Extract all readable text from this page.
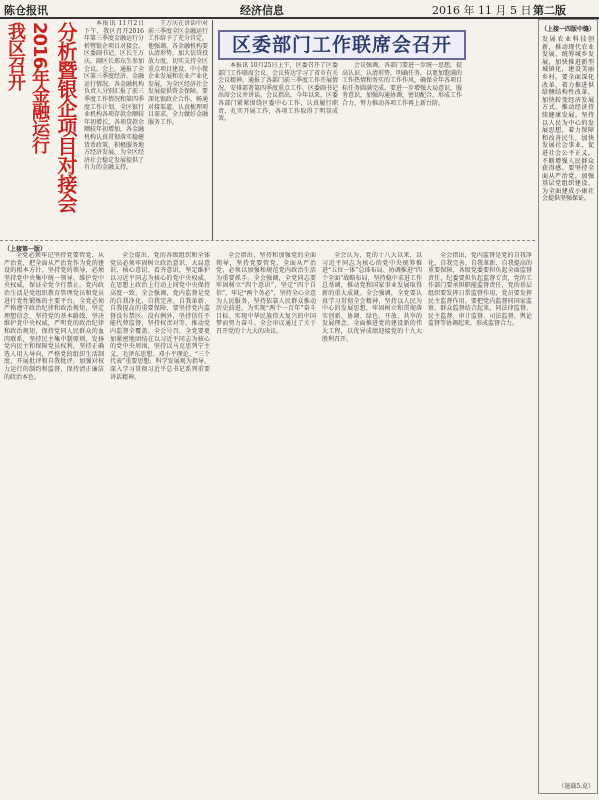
陈仓报讯	经济信息	2016 年 11 月 5 日 第二版
我区召开 2016年金融运行 分析暨银企项目对接会	本报讯 11月2日下午，我区召开2016年第三季度金融运行分析暨银企项目对接会。区委副书记、区长王万庆，副区长邢东生参加会议。会上，通报了全区第三季度经济、金融运行情况，各金融机构负责人分别汇报了前三季度工作情况和第四季度工作计划，全区银行业机构各项存款余额较年初增长，各项贷款余额较年初增加，各金融机构认真贯彻落实稳健货币政策，积极服务地方经济发展，为全区经济社会稳定发展提供了有力的金融支持。

王万庆在讲话中对前三季度全区金融运行工作给予了充分肯定，他强调，各金融机构要认清形势，加大信贷投放力度，切实支持全区重点项目建设、中小微企业发展和农业产业化发展，为全区经济社会发展提供资金保障。要深化银政企合作，畅通对接渠道，认真梳理项目需求，全力做好金融服务工作。

区委部门工作联席会召开

本报讯 10月25日上午，区委召开了区委部门工作联席会议，会议传达学习了省市有关会议精神，通报了各部门前三季度工作开展情况，安排部署第四季度重点工作，区委副书记出席会议并讲话。会议指出，今年以来，区委各部门紧紧围绕区委中心工作，认真履行职责，扎实开展工作，各项工作取得了明显成效。

会议强调，各部门要进一步统一思想，提高认识，认清形势，明确任务，以更加饱满的工作热情和务实的工作作风，确保全年各项目标任务圆满完成。要进一步增强大局意识，服务意识，加强沟通协调，密切配合，形成工作合力，努力推动各项工作再上新台阶。

（上接第一版）

全党必须牢记坚持党要管党、从严治党，把全面从严治党作为党的建设的根本方针。坚持党的领导，必须坚持党中央集中统一领导，维护党中央权威，保证全党令行禁止。党内政治生活是党组织教育管理党员和党员进行党性锻炼的主要平台，全党必须严格遵守政治纪律和政治规矩，坚定理想信念，坚持党的基本路线，坚决维护党中央权威，严明党的政治纪律和政治规矩，保持党同人民群众的血肉联系，坚持民主集中制原则，发扬党内民主和保障党员权利，坚持正确选人用人导向，严格党的组织生活制度，开展批评和自我批评，加强对权力运行的制约和监督，保持清正廉洁的政治本色。

全会提出，党的各级组织和全体党员必须牢固树立政治意识、大局意识、核心意识、看齐意识，坚定维护以习近平同志为核心的党中央权威，在思想上政治上行动上同党中央保持高度一致。全会强调，党内监督是党的自我净化、自我完善、自我革新、自我提高的重要保障，要坚持党内监督没有禁区、没有例外，坚持信任不能代替监督，坚持权责对等，推动党内监督全覆盖。全会号召，全党要更加紧密地团结在以习近平同志为核心的党中央周围，坚持以马克思列宁主义、毛泽东思想、邓小平理论、“三个代表”重要思想、科学发展观为指导，深入学习贯彻习近平总书记系列重要讲话精神。

全会指出，坚持和加强党的全面领导，坚持党要管党、全面从严治党，必须以加强和规范党内政治生活为重要抓手。全会强调，全党同志要牢固树立“四个意识”，坚定“四个自信”，牢记“两个务必”，坚持全心全意为人民服务，坚持依靠人民群众推动历史前进，为实现“两个一百年”奋斗目标、实现中华民族伟大复兴的中国梦而努力奋斗。全会审议通过了关于召开党的十九大的决议。

全会认为，党的十八大以来，以习近平同志为核心的党中央统筹推进“五位一体”总体布局、协调推进“四个全面”战略布局，坚持稳中求进工作总基调，推动党和国家事业发展取得新的重大成就。全会强调，全党要认真学习贯彻全会精神，坚持以人民为中心的发展思想，牢固树立和贯彻落实创新、协调、绿色、开放、共享的发展理念，全面推进党的建设新的伟大工程，以优异成绩迎接党的十九大胜利召开。

全会指出，党内监督是党的自我净化、自我完善、自我革新、自我提高的重要保障，各级党委要担负起全面监督责任，纪委要担负起监督专责，党的工作部门要承担职能监督责任，党的基层组织要发挥日常监督作用，党员要发挥民主监督作用。要把党内监督同国家监察、群众监督结合起来，同法律监督、民主监督、审计监督、司法监督、舆论监督等协调起来，形成监督合力。

（上接一四版中缝）
发展农业科技创新，推动现代农业发展，统筹城乡发展，加快推进新型城镇化，建设美丽乡村。要全面深化改革，着力推进供给侧结构性改革，加快转变经济发展方式，推动经济持续健康发展。坚持以人民为中心的发展思想，着力保障和改善民生，加快发展社会事业，促进社会公平正义，不断增强人民群众获得感。要坚持全面从严治党，加强基层党组织建设，为全面建成小康社会提供坚强保证。
（退载5.克）
